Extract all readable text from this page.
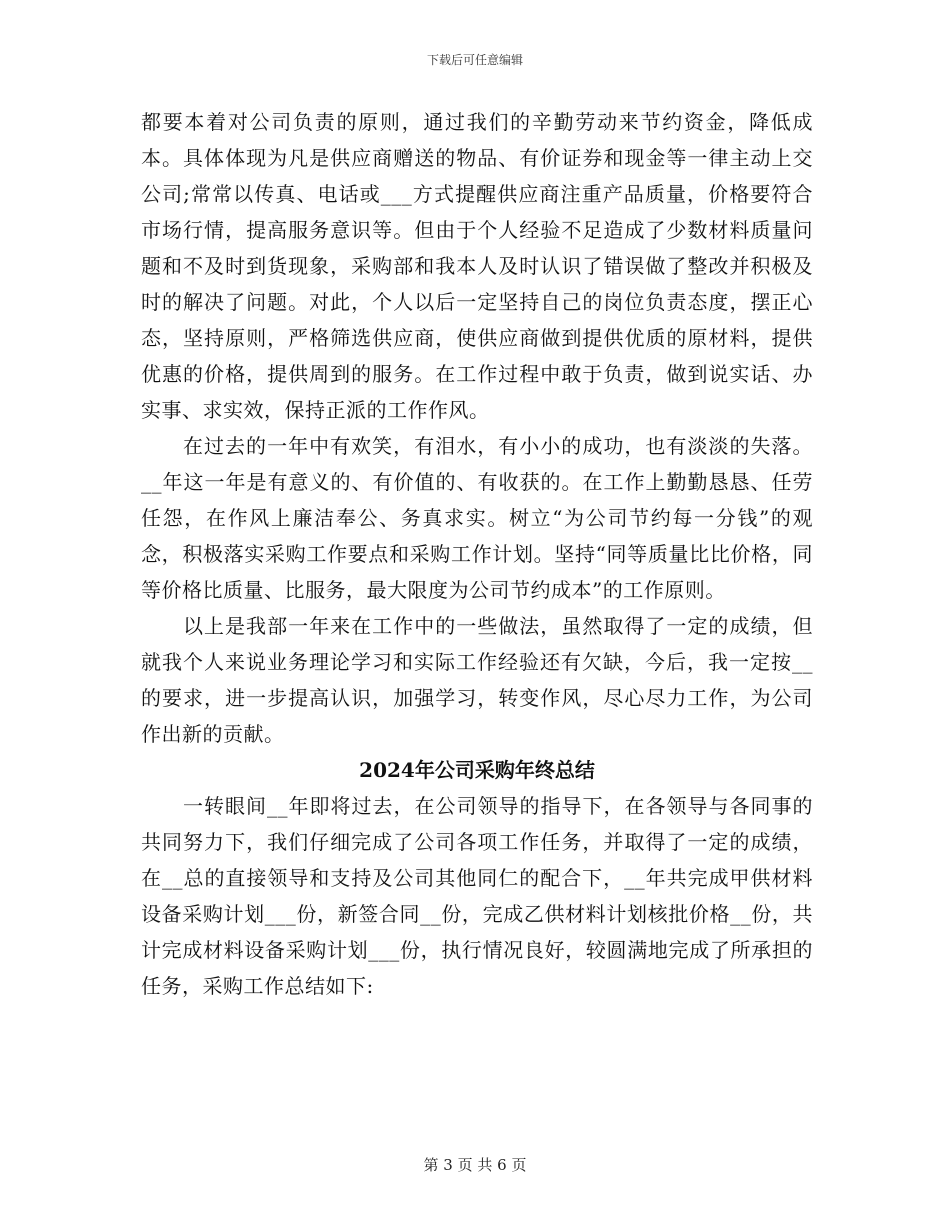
下载后可任意编辑

都要本着对公司负责的原则，通过我们的辛勤劳动来节约资金，降低成本。具体体现为凡是供应商赠送的物品、有价证券和现金等一律主动上交公司;常常以传真、电话或___方式提醒供应商注重产品质量，价格要符合市场行情，提高服务意识等。但由于个人经验不足造成了少数材料质量问题和不及时到货现象，采购部和我本人及时认识了错误做了整改并积极及时的解决了问题。对此，个人以后一定坚持自己的岗位负责态度，摆正心态，坚持原则，严格筛选供应商，使供应商做到提供优质的原材料，提供优惠的价格，提供周到的服务。在工作过程中敢于负责，做到说实话、办实事、求实效，保持正派的工作作风。

在过去的一年中有欢笑，有泪水，有小小的成功，也有淡淡的失落。__年这一年是有意义的、有价值的、有收获的。在工作上勤勤恳恳、任劳任怨，在作风上廉洁奉公、务真求实。树立“为公司节约每一分钱”的观念，积极落实采购工作要点和采购工作计划。坚持“同等质量比比价格，同等价格比质量、比服务，最大限度为公司节约成本”的工作原则。

以上是我部一年来在工作中的一些做法，虽然取得了一定的成绩，但就我个人来说业务理论学习和实际工作经验还有欠缺，今后，我一定按__的要求，进一步提高认识，加强学习，转变作风，尽心尽力工作，为公司作出新的贡献。

2024年公司采购年终总结

一转眼间__年即将过去，在公司领导的指导下，在各领导与各同事的共同努力下，我们仔细完成了公司各项工作任务，并取得了一定的成绩，在__总的直接领导和支持及公司其他同仁的配合下，__年共完成甲供材料设备采购计划___份，新签合同__份，完成乙供材料计划核批价格__份，共计完成材料设备采购计划___份，执行情况良好，较圆满地完成了所承担的任务，采购工作总结如下:

第 3 页 共 6 页
